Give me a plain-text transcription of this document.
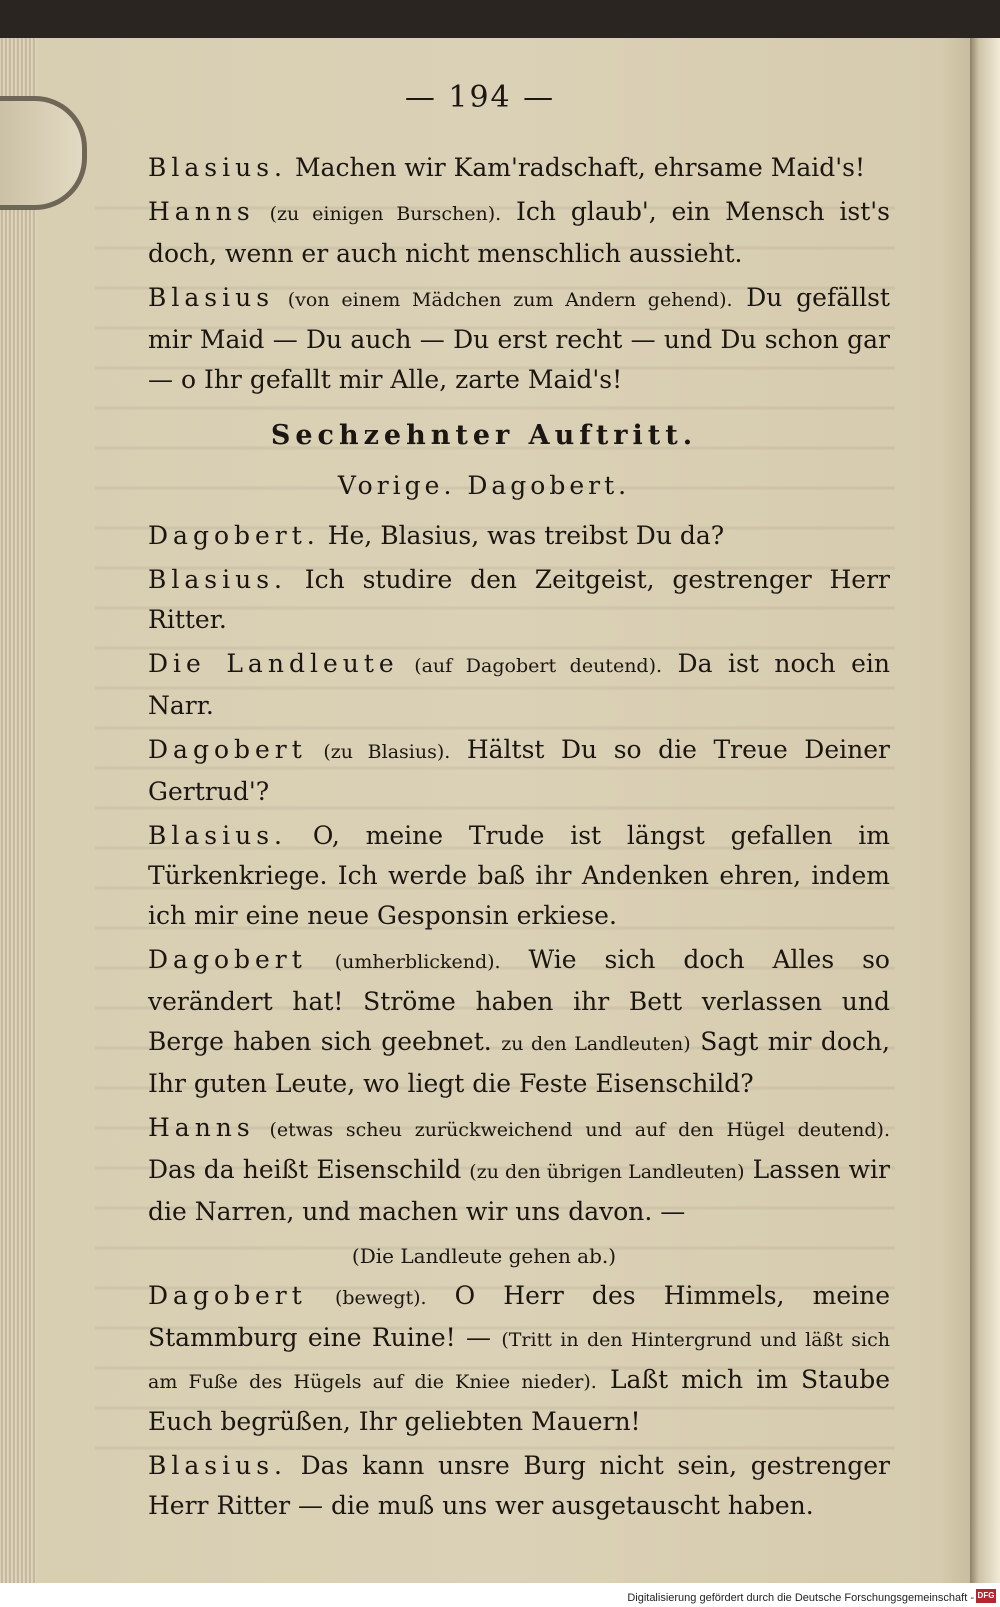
— 194 —

Blasius. Machen wir Kam'radschaft, ehrsame Maid's!

Hanns (zu einigen Burschen). Ich glaub', ein Mensch ist's doch, wenn er auch nicht menschlich aussieht.

Blasius (von einem Mädchen zum Andern gehend). Du gefällst mir Maid — Du auch — Du erst recht — und Du schon gar — o Ihr gefallt mir Alle, zarte Maid's!

Sechzehnter Auftritt.

Vorige. Dagobert.

Dagobert. He, Blasius, was treibst Du da?

Blasius. Ich studire den Zeitgeist, gestrenger Herr Ritter.

Die Landleute (auf Dagobert deutend). Da ist noch ein Narr.

Dagobert (zu Blasius). Hältst Du so die Treue Deiner Gertrud'?

Blasius. O, meine Trude ist längst gefallen im Türkenkriege. Ich werde baß ihr Andenken ehren, indem ich mir eine neue Gesponsin erkiese.

Dagobert (umherblickend). Wie sich doch Alles so verändert hat! Ströme haben ihr Bett verlassen und Berge haben sich geebnet. zu den Landleuten) Sagt mir doch, Ihr guten Leute, wo liegt die Feste Eisenschild?

Hanns (etwas scheu zurückweichend und auf den Hügel deutend). Das da heißt Eisenschild (zu den übrigen Landleuten) Lassen wir die Narren, und machen wir uns davon. —

(Die Landleute gehen ab.)

Dagobert (bewegt). O Herr des Himmels, meine Stammburg eine Ruine! — (Tritt in den Hintergrund und läßt sich am Fuße des Hügels auf die Kniee nieder). Laßt mich im Staube Euch begrüßen, Ihr geliebten Mauern!

Blasius. Das kann unsre Burg nicht sein, gestrenger Herr Ritter — die muß uns wer ausgetauscht haben.

Digitalisierung gefördert durch die Deutsche Forschungsgemeinschaft - DFG
